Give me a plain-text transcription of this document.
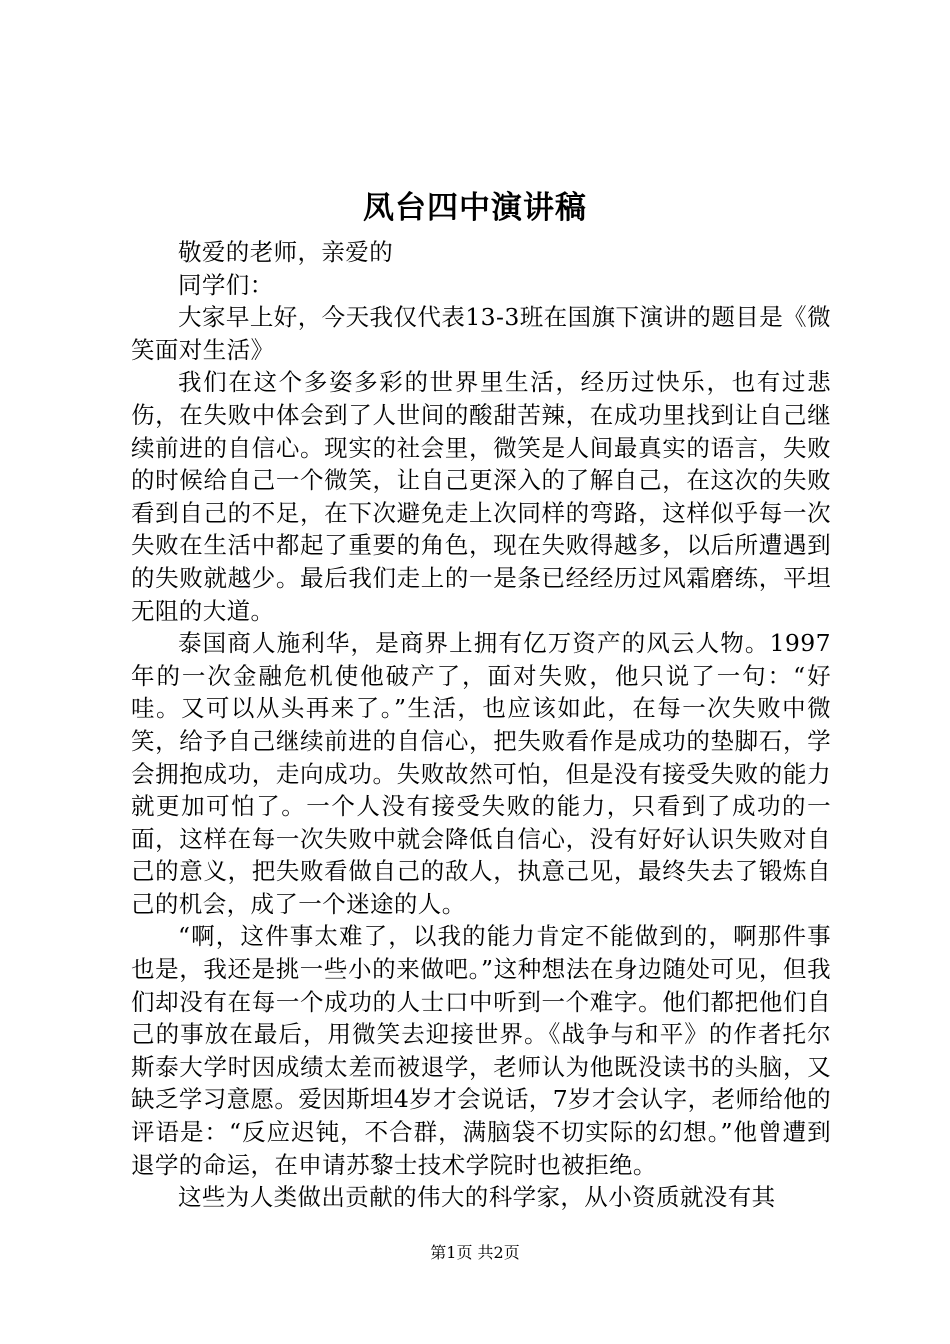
凤台四中演讲稿

敬爱的老师，亲爱的

同学们：

大家早上好，今天我仅代表13-3班在国旗下演讲的题目是《微笑面对生活》

我们在这个多姿多彩的世界里生活，经历过快乐，也有过悲伤，在失败中体会到了人世间的酸甜苦辣，在成功里找到让自己继续前进的自信心。现实的社会里，微笑是人间最真实的语言，失败的时候给自己一个微笑，让自己更深入的了解自己，在这次的失败看到自己的不足，在下次避免走上次同样的弯路，这样似乎每一次失败在生活中都起了重要的角色，现在失败得越多，以后所遭遇到的失败就越少。最后我们走上的一是条已经经历过风霜磨练，平坦无阻的大道。

泰国商人施利华，是商界上拥有亿万资产的风云人物。1997年的一次金融危机使他破产了，面对失败，他只说了一句：“好哇。又可以从头再来了。”生活，也应该如此，在每一次失败中微笑，给予自己继续前进的自信心，把失败看作是成功的垫脚石，学会拥抱成功，走向成功。失败故然可怕，但是没有接受失败的能力就更加可怕了。一个人没有接受失败的能力，只看到了成功的一面，这样在每一次失败中就会降低自信心，没有好好认识失败对自己的意义，把失败看做自己的敌人，执意己见，最终失去了锻炼自己的机会，成了一个迷途的人。

“啊，这件事太难了，以我的能力肯定不能做到的，啊那件事也是，我还是挑一些小的来做吧。”这种想法在身边随处可见，但我们却没有在每一个成功的人士口中听到一个难字。他们都把他们自己的事放在最后，用微笑去迎接世界。《战争与和平》的作者托尔斯泰大学时因成绩太差而被退学，老师认为他既没读书的头脑，又缺乏学习意愿。爱因斯坦4岁才会说话，7岁才会认字，老师给他的评语是：“反应迟钝，不合群，满脑袋不切实际的幻想。”他曾遭到退学的命运，在申请苏黎士技术学院时也被拒绝。

这些为人类做出贡献的伟大的科学家，从小资质就没有其

第1页 共2页
